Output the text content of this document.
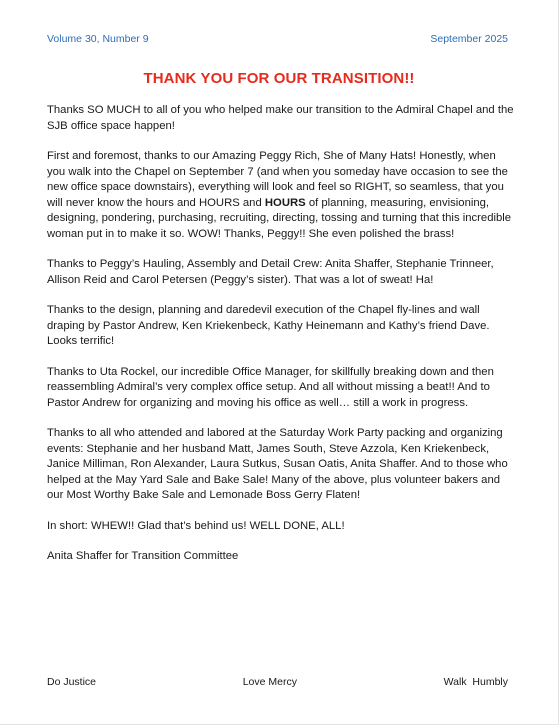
Volume 30, Number 9	September 2025
THANK YOU FOR OUR TRANSITION!!

Thanks SO MUCH to all of you who helped make our transition to the Admiral Chapel and the SJB office space happen!

First and foremost, thanks to our Amazing Peggy Rich, She of Many Hats! Honestly, when you walk into the Chapel on September 7 (and when you someday have occasion to see the new office space downstairs), everything will look and feel so RIGHT, so seamless, that you will never know the hours and HOURS and HOURS of planning, measuring, envisioning, designing, pondering, purchasing, recruiting, directing, tossing and turning that this incredible woman put in to make it so. WOW! Thanks, Peggy!! She even polished the brass!

Thanks to Peggy’s Hauling, Assembly and Detail Crew: Anita Shaffer, Stephanie Trinneer, Allison Reid and Carol Petersen (Peggy’s sister). That was a lot of sweat! Ha!

Thanks to the design, planning and daredevil execution of the Chapel fly-lines and wall draping by Pastor Andrew, Ken Kriekenbeck, Kathy Heinemann and Kathy’s friend Dave. Looks terrific!

Thanks to Uta Rockel, our incredible Office Manager, for skillfully breaking down and then reassembling Admiral’s very complex office setup. And all without missing a beat!! And to Pastor Andrew for organizing and moving his office as well… still a work in progress.

Thanks to all who attended and labored at the Saturday Work Party packing and organizing events: Stephanie and her husband Matt, James South, Steve Azzola, Ken Kriekenbeck, Janice Milliman, Ron Alexander, Laura Sutkus, Susan Oatis, Anita Shaffer. And to those who helped at the May Yard Sale and Bake Sale! Many of the above, plus volunteer bakers and our Most Worthy Bake Sale and Lemonade Boss Gerry Flaten!

In short: WHEW!! Glad that’s behind us! WELL DONE, ALL!

Anita Shaffer for Transition Committee

Do Justice	Love Mercy	Walk  Humbly
